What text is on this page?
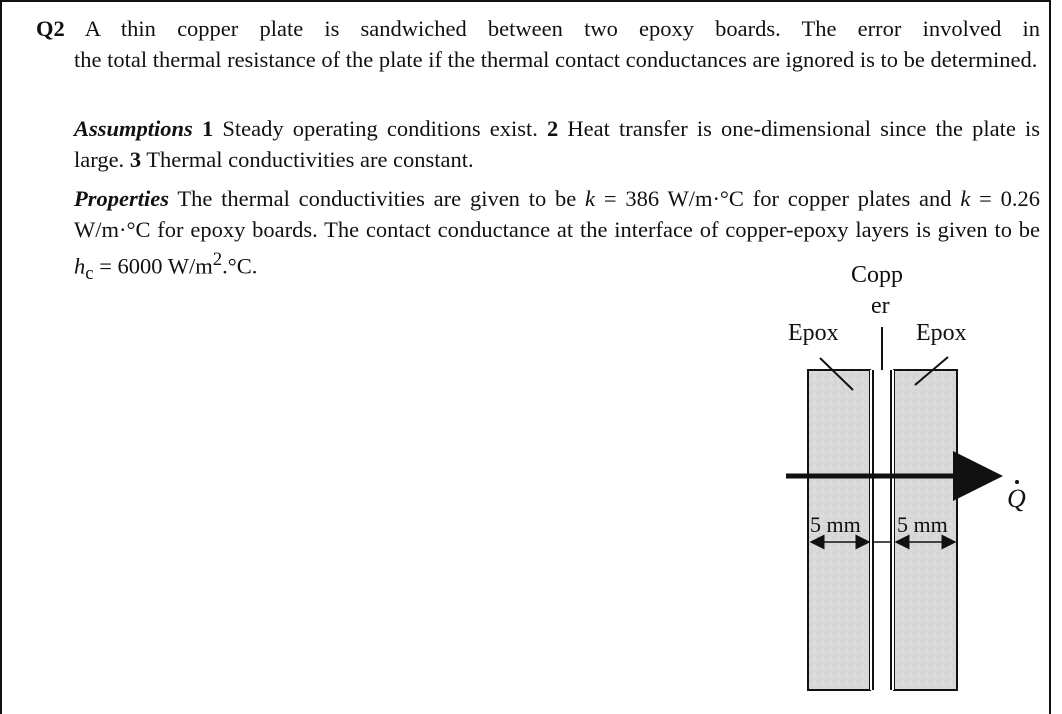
Q2 A thin copper plate is sandwiched between two epoxy boards. The error involved in
the total thermal resistance of the plate if the thermal contact conductances are ignored is to be determined.

Assumptions 1 Steady operating conditions exist. 2 Heat transfer is one-dimensional since the plate is large. 3 Thermal conductivities are constant.

Properties The thermal conductivities are given to be k = 386 W/m·°C for copper plates and k = 0.26 W/m·°C for epoxy boards. The contact conductance at the interface of copper-epoxy layers is given to be $h_c = 6000$ $W/m^2.^\circ C$.	Copp
er
Epox	Epox
Q
5 mm 5 mm
